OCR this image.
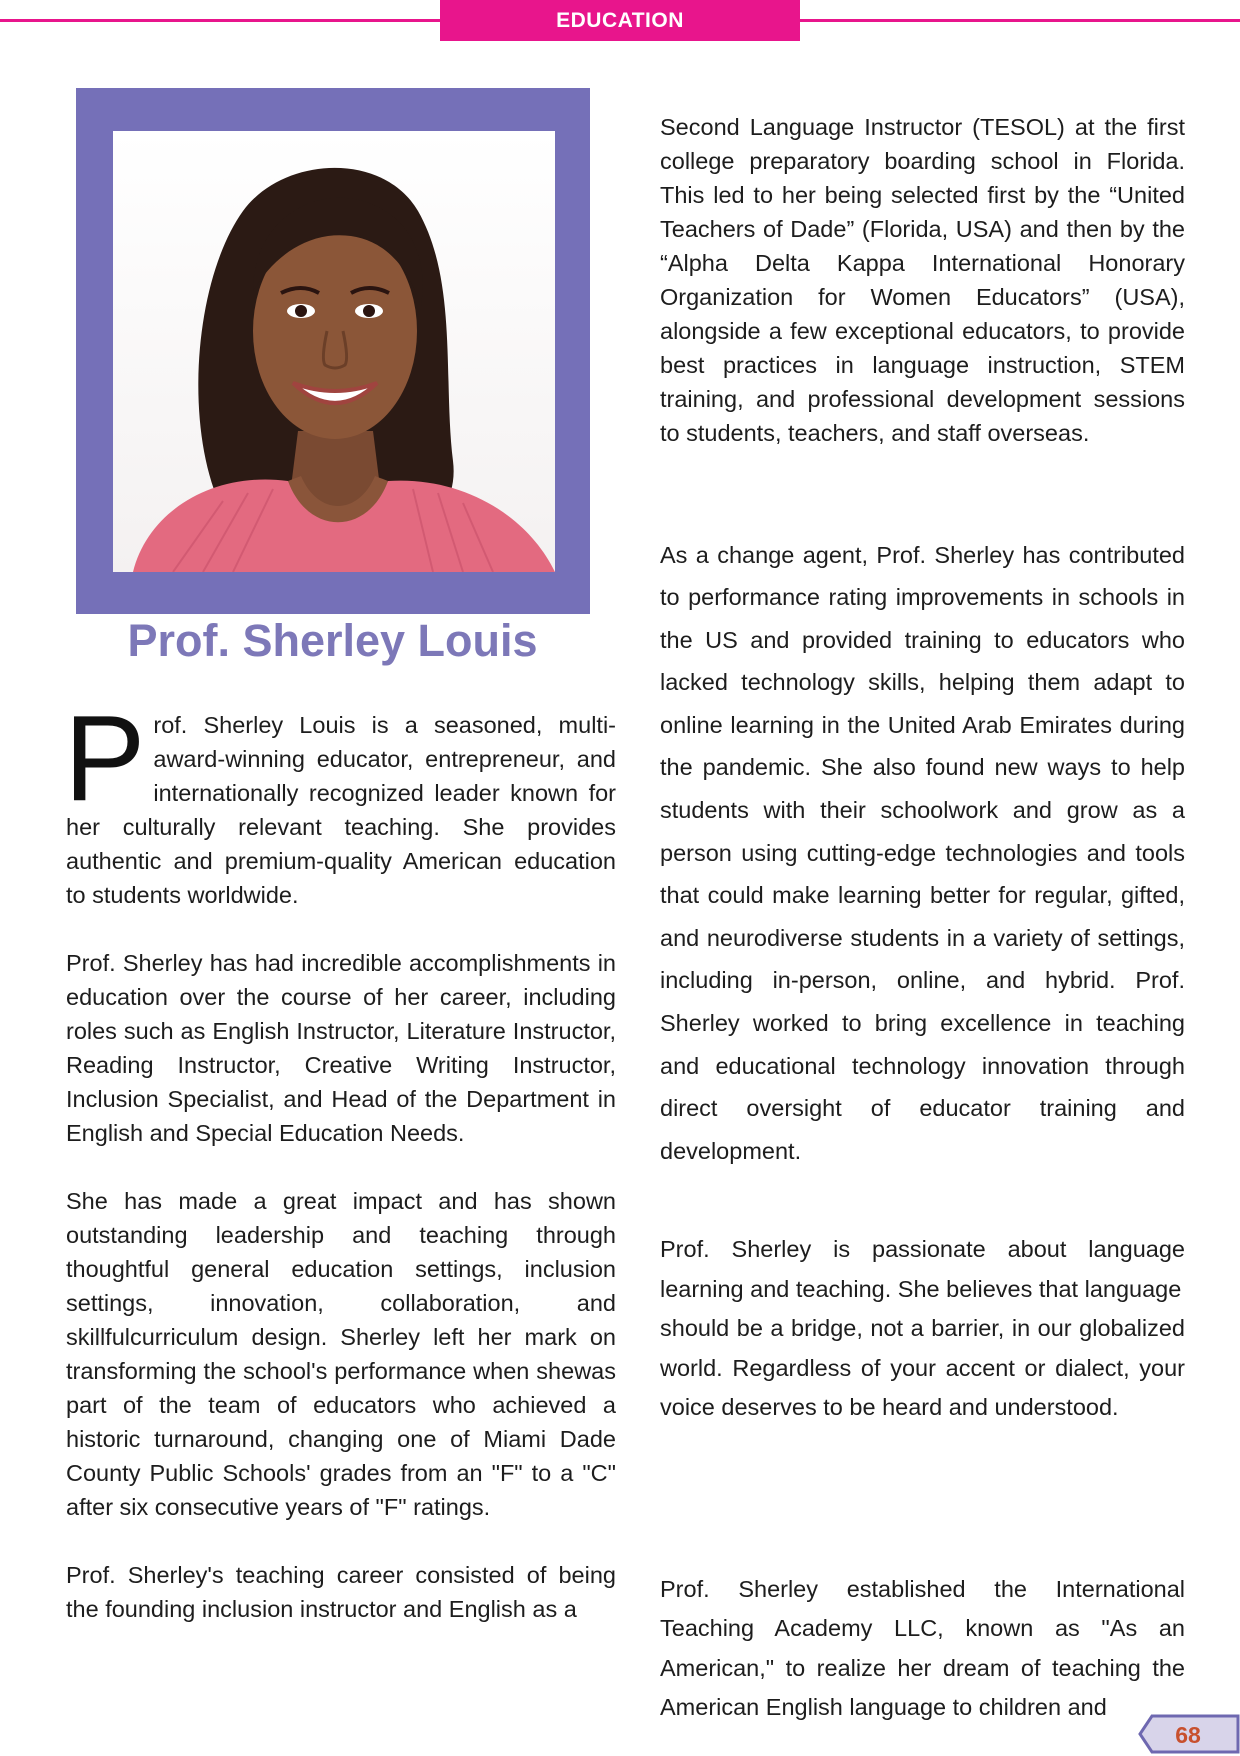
EDUCATION
Prof. Sherley Louis

Prof. Sherley Louis is a seasoned, multi-award-winning educator, entrepreneur, and internationally recognized leader known for her culturally relevant teaching. She provides authentic and premium-quality American education to students worldwide.

Prof. Sherley has had incredible accomplishments in education over the course of her career, including roles such as English Instructor, Literature Instructor, Reading Instructor, Creative Writing Instructor, Inclusion Specialist, and Head of the Department in English and Special Education Needs.

She has made a great impact and has shown outstanding leadership and teaching through thoughtful general education settings, inclusion settings, innovation, collaboration, and skillfulcurriculum design. Sherley left her mark on transforming the school's performance when shewas part of the team of educators who achieved a historic turnaround, changing one of Miami Dade County Public Schools' grades from an "F" to a "C" after six consecutive years of "F" ratings.

Prof. Sherley's teaching career consisted of being the founding inclusion instructor and English as a

Second Language Instructor (TESOL) at the first college preparatory boarding school in Florida. This led to her being selected first by the “United Teachers of Dade” (Florida, USA) and then by the “Alpha Delta Kappa International Honorary Organization for Women Educators” (USA), alongside a few exceptional educators, to provide best practices in language instruction, STEM training, and professional development sessions to students, teachers, and staff overseas.

As a change agent, Prof. Sherley has contributed to performance rating improvements in schools in the US and provided training to educators who lacked technology skills, helping them adapt to online learning in the United Arab Emirates during the pandemic. She also found new ways to help students with their schoolwork and grow as a person using cutting-edge technologies and tools that could make learning better for regular, gifted, and neurodiverse students in a variety of settings, including in-person, online, and hybrid. Prof. Sherley worked to bring excellence in teaching and educational technology innovation through direct oversight of educator training and development.

Prof. Sherley is passionate about language learning and teaching. She believes that language
should be a bridge, not a barrier, in our globalized world. Regardless of your accent or dialect, your voice deserves to be heard and understood.

Prof. Sherley established the International Teaching Academy LLC, known as "As an American," to realize her dream of teaching the American English language to children and

68
